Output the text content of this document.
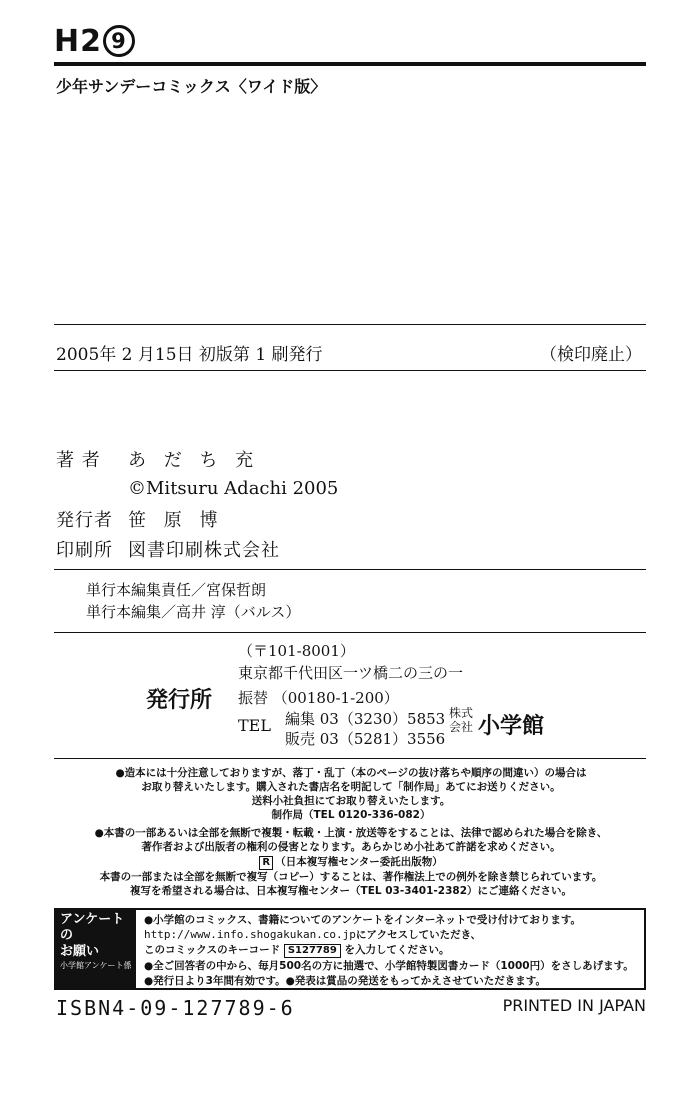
H2 9
少年サンデーコミックス〈ワイド版〉
2005年 2 月15日 初版第 1 刷発行	（検印廃止）
著 者 あ だ ち 充
©Mitsuru Adachi 2005
発行者 笹 原 博
印刷所 図書印刷株式会社
単行本編集責任／宮保哲朗
単行本編集／高井 淳（バルス）
発行所
（〒101-8001）
東京都千代田区一ツ橋二の三の一
振替 （00180-1-200）
TEL 編集 03（3230）5853
販売 03（5281）3556
株式会社 小学館
●造本には十分注意しておりますが、落丁・乱丁（本のページの抜け落ちや順序の間違い）の場合は
お取り替えいたします。購入された書店名を明記して「制作局」あてにお送りください。
送料小社負担にてお取り替えいたします。
制作局（TEL 0120-336-082）
●本書の一部あるいは全部を無断で複製・転載・上演・放送等をすることは、法律で認められた場合を除き、
著作者および出版者の権利の侵害となります。あらかじめ小社あて許諾を求めください。
R （日本複写権センター委託出版物）
本書の一部または全部を無断で複写（コピー）することは、著作権法上での例外を除き禁じられています。
複写を希望される場合は、日本複写権センター（TEL 03-3401-2382）にご連絡ください。
アンケートの
お願い
小学館アンケート係
●小学館のコミックス、書籍についてのアンケートをインターネットで受け付けております。
http://www.info.shogakukan.co.jpにアクセスしていただき、
このコミックスのキーコード S127789 を入力してください。
●全ご回答者の中から、毎月500名の方に抽選で、小学館特製図書カード（1000円）をさしあげます。
●発行日より3年間有効です。●発表は賞品の発送をもってかえさせていただきます。
ISBN4-09-127789-6	PRINTED IN JAPAN
